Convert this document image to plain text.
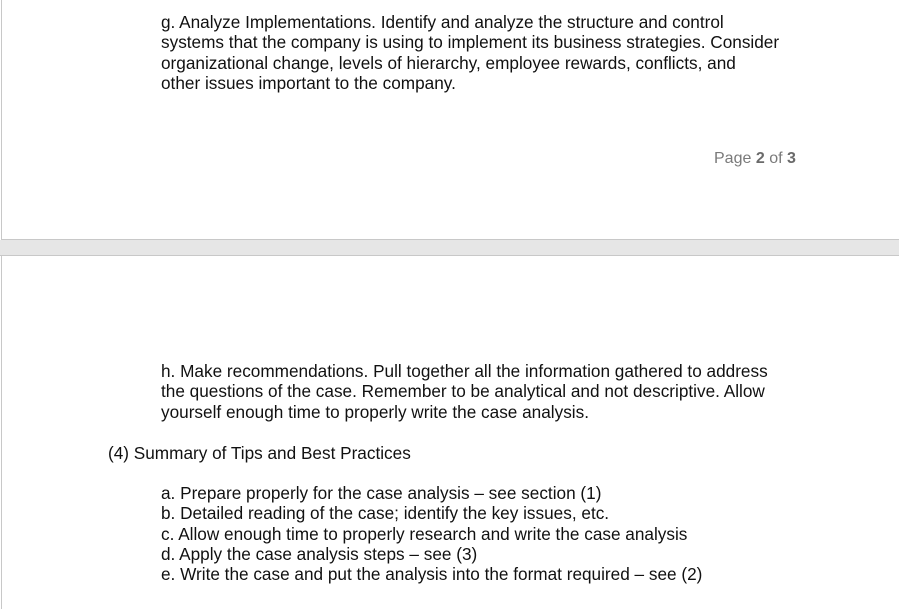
g. Analyze Implementations. Identify and analyze the structure and control
systems that the company is using to implement its business strategies. Consider
organizational change, levels of hierarchy, employee rewards, conflicts, and
other issues important to the company.

Page 2 of 3

h. Make recommendations. Pull together all the information gathered to address
the questions of the case. Remember to be analytical and not descriptive. Allow
yourself enough time to properly write the case analysis.

(4) Summary of Tips and Best Practices
a. Prepare properly for the case analysis – see section (1)
b. Detailed reading of the case; identify the key issues, etc.
c. Allow enough time to properly research and write the case analysis
d. Apply the case analysis steps – see (3)
e. Write the case and put the analysis into the format required – see (2)
